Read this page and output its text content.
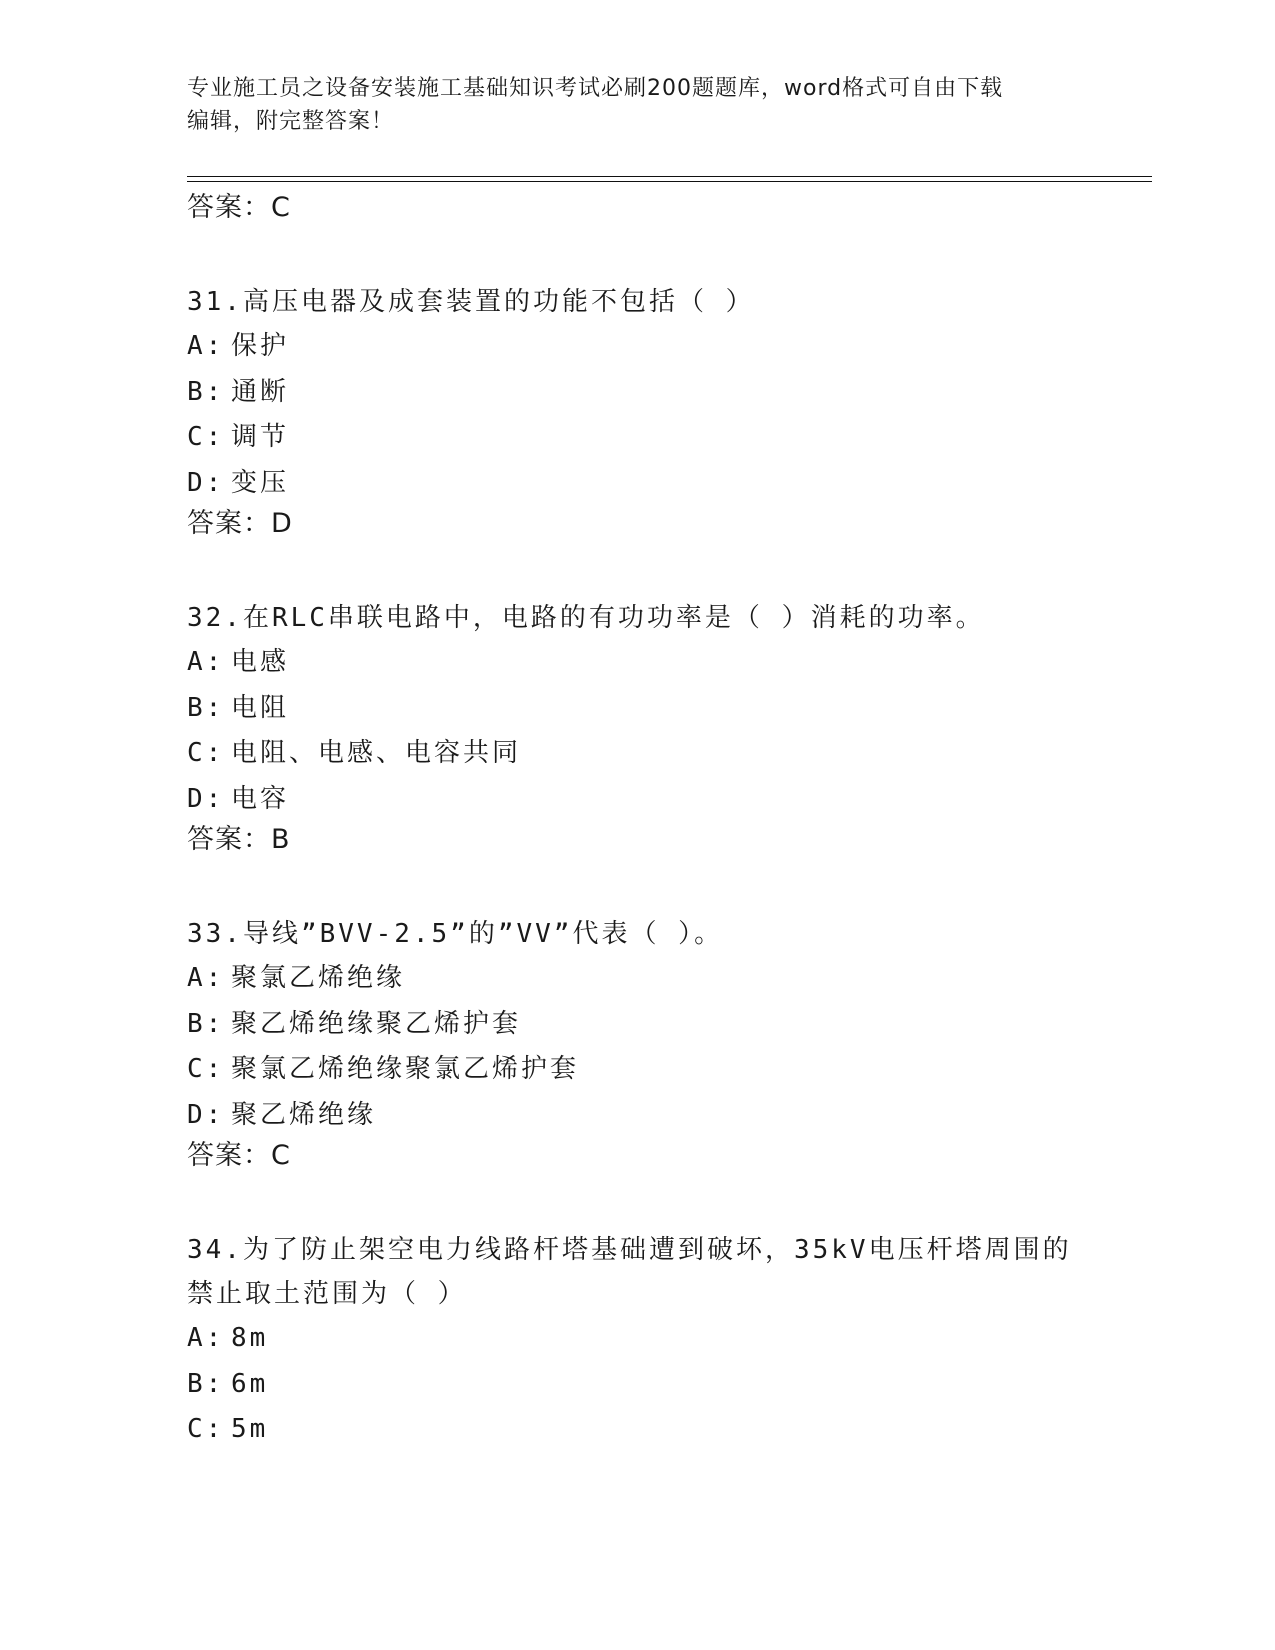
专业施工员之设备安装施工基础知识考试必刷200题题库，word格式可自由下载
编辑，附完整答案！
答案：C
31.高压电器及成套装置的功能不包括（ ）
A: 保护
B: 通断
C: 调节
D: 变压
答案：D
32.在RLC串联电路中，电路的有功功率是（ ）消耗的功率。
A: 电感
B: 电阻
C: 电阻、电感、电容共同
D: 电容
答案：B
33.导线”BVV-2.5”的”VV”代表（ ）。
A: 聚氯乙烯绝缘
B: 聚乙烯绝缘聚乙烯护套
C: 聚氯乙烯绝缘聚氯乙烯护套
D: 聚乙烯绝缘
答案：C
34.为了防止架空电力线路杆塔基础遭到破坏，35kV电压杆塔周围的禁止取土范围为（ ）
A: 8m
B: 6m
C: 5m
